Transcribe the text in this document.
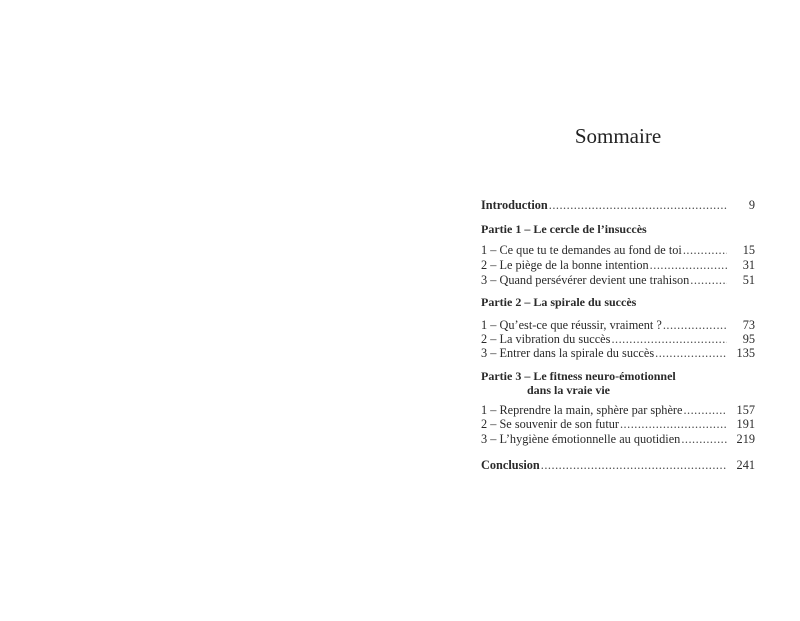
Sommaire
Introduction .....	9
Partie 1 – Le cercle de l’insuccès
1 – Ce que tu te demandes au fond de toi .....	15
2 – Le piège de la bonne intention .....	31
3 – Quand persévérer devient une trahison .....	51
Partie 2 – La spirale du succès
1 – Qu’est-ce que réussir, vraiment ? .....	73
2 – La vibration du succès .....	95
3 – Entrer dans la spirale du succès .....	135
Partie 3 – Le fitness neuro-émotionnel
dans la vraie vie
1 – Reprendre la main, sphère par sphère .....	157
2 – Se souvenir de son futur .....	191
3 – L’hygiène émotionnelle au quotidien .....	219
Conclusion .....	241
